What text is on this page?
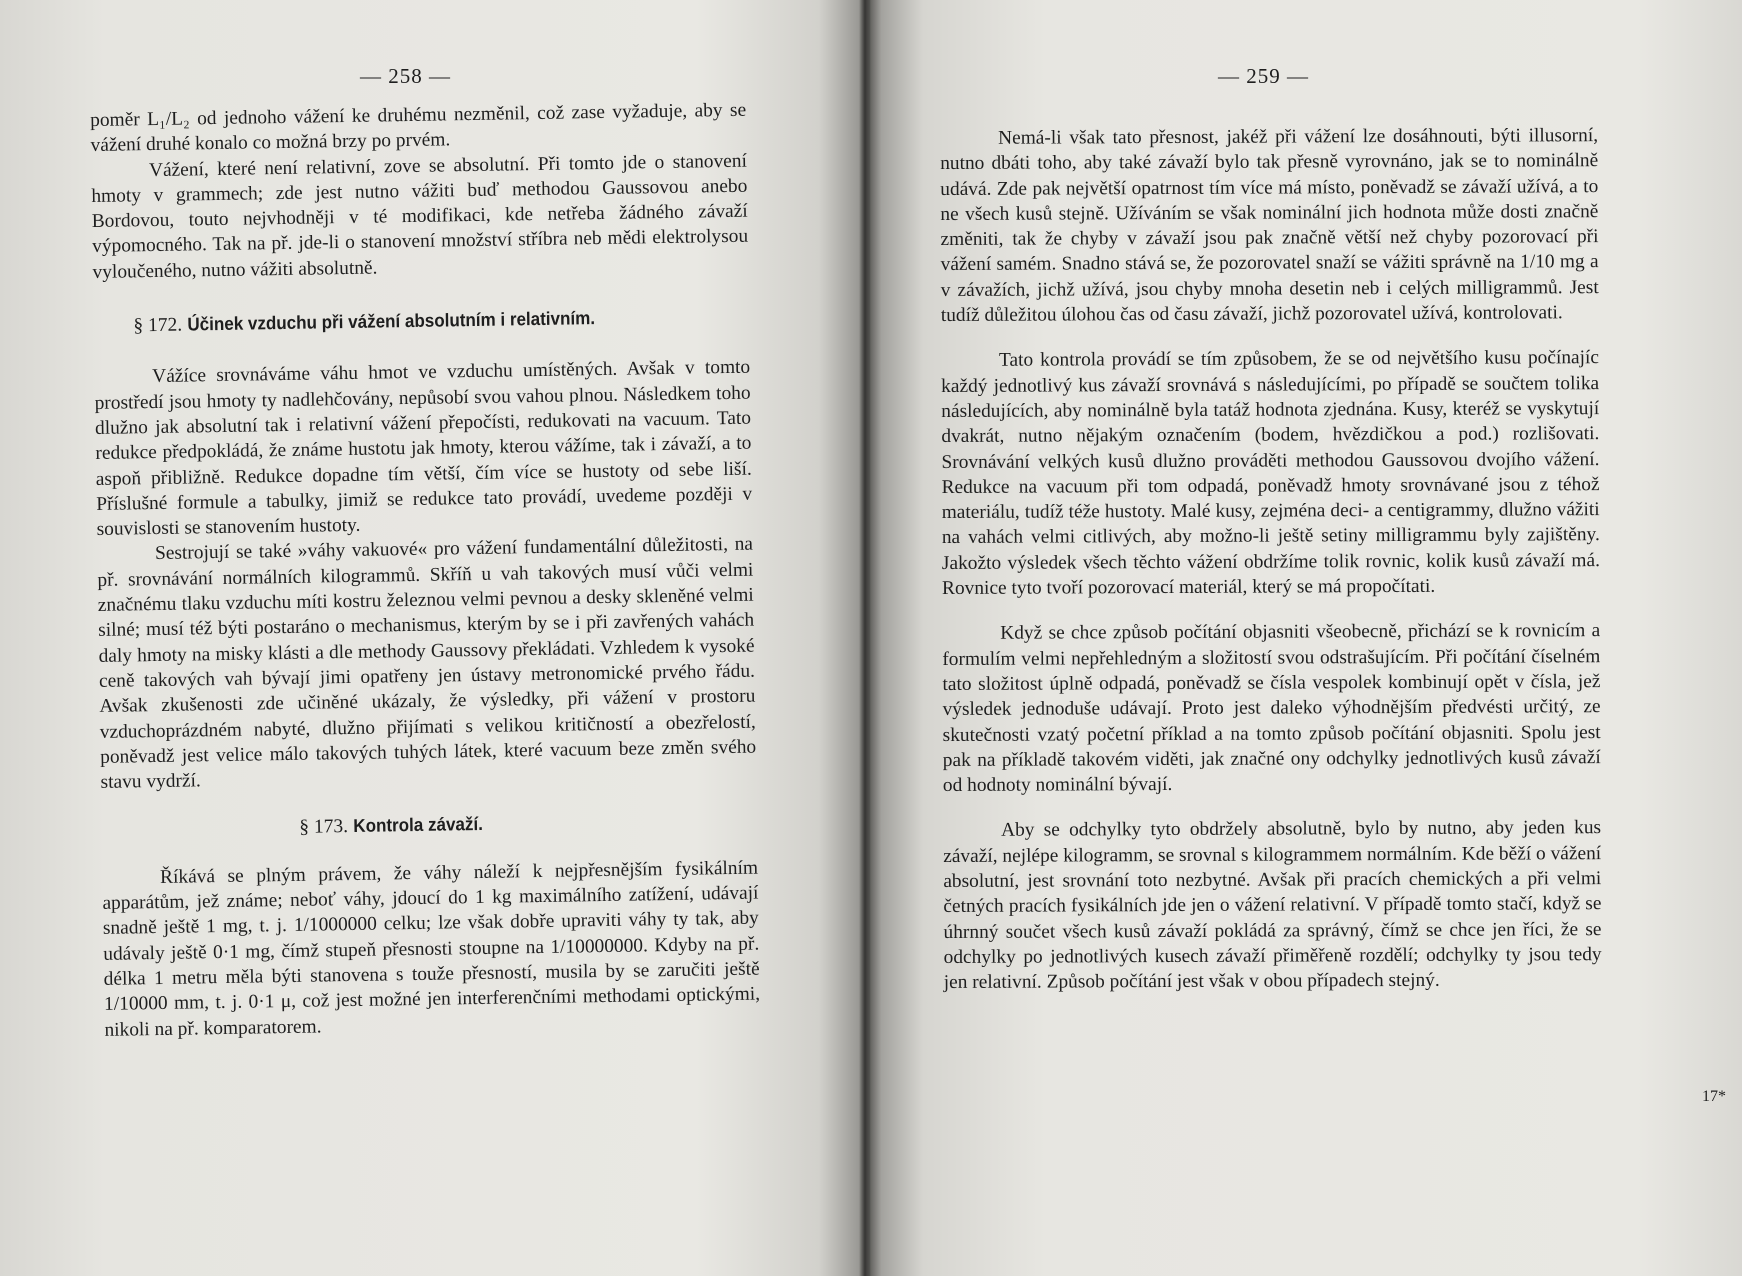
— 258 —

poměr L₁/L₂ od jednoho vážení ke druhému nezměnil, což zase vyžaduje, aby se vážení druhé konalo co možná brzy po prvém.

Vážení, které není relativní, zove se absolutní. Při tomto jde o stanovení hmoty v grammech; zde jest nutno vážiti buď methodou Gaussovou anebo Bordovou, touto nejvhodněji v té modifikaci, kde netřeba žádného závaží výpomocného. Tak na př. jde-li o stanovení množství stříbra neb mědi elektrolysou vyloučeného, nutno vážiti absolutně.

§ 172. Účinek vzduchu při vážení absolutním i relativním.

Vážíce srovnáváme váhu hmot ve vzduchu umístěných. Avšak v tomto prostředí jsou hmoty ty nadlehčovány, nepůsobí svou vahou plnou. Následkem toho dlužno jak absolutní tak i relativní vážení přepočísti, redukovati na vacuum. Tato redukce předpokládá, že známe hustotu jak hmoty, kterou vážíme, tak i závaží, a to aspoň přibližně. Redukce dopadne tím větší, čím více se hustoty od sebe liší. Příslušné formule a tabulky, jimiž se redukce tato provádí, uvedeme později v souvislosti se stanovením hustoty.

Sestrojují se také »váhy vakuové« pro vážení fundamentální důležitosti, na př. srovnávání normálních kilogrammů. Skříň u vah takových musí vůči velmi značnému tlaku vzduchu míti kostru železnou velmi pevnou a desky skleněné velmi silné; musí též býti postaráno o mechanismus, kterým by se i při zavřených vahách daly hmoty na misky klásti a dle methody Gaussovy překládati. Vzhledem k vysoké ceně takových vah bývají jimi opatřeny jen ústavy metronomické prvého řádu. Avšak zkušenosti zde učiněné ukázaly, že výsledky, při vážení v prostoru vzduchoprázdném nabyté, dlužno přijímati s velikou kritičností a obezřelostí, poněvadž jest velice málo takových tuhých látek, které vacuum beze změn svého stavu vydrží.

§ 173. Kontrola závaží.

Říkává se plným právem, že váhy náleží k nejpřesnějším fysikálním apparátům, jež známe; neboť váhy, jdoucí do 1 kg maximálního zatížení, udávají snadně ještě 1 mg, t. j. 1/1000000 celku; lze však dobře upraviti váhy ty tak, aby udávaly ještě 0·1 mg, čímž stupeň přesnosti stoupne na 1/10000000. Kdyby na př. délka 1 metru měla býti stanovena s touže přesností, musila by se zaručiti ještě 1/10000 mm, t. j. 0·1 μ, což jest možné jen interferenčními methodami optickými, nikoli na př. komparatorem.

— 259 —

Nemá-li však tato přesnost, jakéž při vážení lze dosáhnouti, býti illusorní, nutno dbáti toho, aby také závaží bylo tak přesně vyrovnáno, jak se to nominálně udává. Zde pak největší opatrnost tím více má místo, poněvadž se závaží užívá, a to ne všech kusů stejně. Užíváním se však nominální jich hodnota může dosti značně změniti, tak že chyby v závaží jsou pak značně větší než chyby pozorovací při vážení samém. Snadno stává se, že pozorovatel snaží se vážiti správně na 1/10 mg a v závažích, jichž užívá, jsou chyby mnoha desetin neb i celých milligrammů. Jest tudíž důležitou úlohou čas od času závaží, jichž pozorovatel užívá, kontrolovati.

Tato kontrola provádí se tím způsobem, že se od největšího kusu počínajíc každý jednotlivý kus závaží srovnává s následujícími, po případě se součtem tolika následujících, aby nominálně byla tatáž hodnota zjednána. Kusy, kteréž se vyskytují dvakrát, nutno nějakým označením (bodem, hvězdičkou a pod.) rozlišovati. Srovnávání velkých kusů dlužno prováděti methodou Gaussovou dvojího vážení. Redukce na vacuum při tom odpadá, poněvadž hmoty srovnávané jsou z téhož materiálu, tudíž téže hustoty. Malé kusy, zejména deci- a centigrammy, dlužno vážiti na vahách velmi citlivých, aby možno-li ještě setiny milligrammu byly zajištěny. Jakožto výsledek všech těchto vážení obdržíme tolik rovnic, kolik kusů závaží má. Rovnice tyto tvoří pozorovací materiál, který se má propočítati.

Když se chce způsob počítání objasniti všeobecně, přichází se k rovnicím a formulím velmi nepřehledným a složitostí svou odstrašujícím. Při počítání číselném tato složitost úplně odpadá, poněvadž se čísla vespolek kombinují opět v čísla, jež výsledek jednoduše udávají. Proto jest daleko výhodnějším předvésti určitý, ze skutečnosti vzatý početní příklad a na tomto způsob počítání objasniti. Spolu jest pak na příkladě takovém viděti, jak značné ony odchylky jednotlivých kusů závaží od hodnoty nominální bývají.

Aby se odchylky tyto obdržely absolutně, bylo by nutno, aby jeden kus závaží, nejlépe kilogramm, se srovnal s kilogrammem normálním. Kde běží o vážení absolutní, jest srovnání toto nezbytné. Avšak při pracích chemických a při velmi četných pracích fysikálních jde jen o vážení relativní. V případě tomto stačí, když se úhrnný součet všech kusů závaží pokládá za správný, čímž se chce jen říci, že se odchylky po jednotlivých kusech závaží přiměřeně rozdělí; odchylky ty jsou tedy jen relativní. Způsob počítání jest však v obou případech stejný.

17*
